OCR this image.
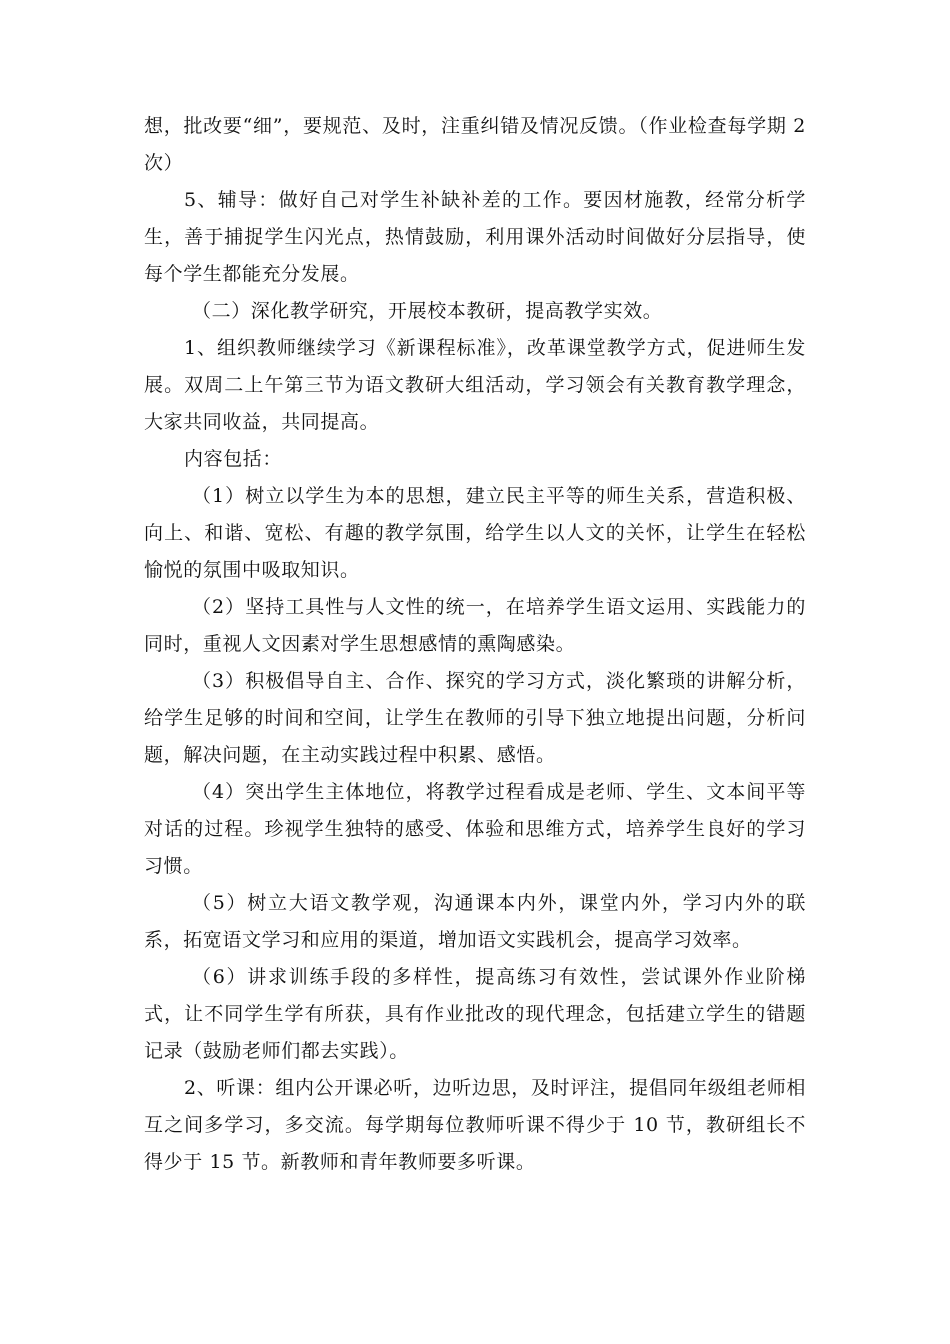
想，批改要“细”，要规范、及时，注重纠错及情况反馈。（作业检查每学期 2 次）

5、辅导：做好自己对学生补缺补差的工作。要因材施教，经常分析学生，善于捕捉学生闪光点，热情鼓励，利用课外活动时间做好分层指导，使每个学生都能充分发展。

（二）深化教学研究，开展校本教研，提高教学实效。

1、组织教师继续学习《新课程标准》，改革课堂教学方式，促进师生发展。双周二上午第三节为语文教研大组活动，学习领会有关教育教学理念，大家共同收益，共同提高。

内容包括：

（1）树立以学生为本的思想，建立民主平等的师生关系，营造积极、向上、和谐、宽松、有趣的教学氛围，给学生以人文的关怀，让学生在轻松愉悦的氛围中吸取知识。

（2）坚持工具性与人文性的统一，在培养学生语文运用、实践能力的同时，重视人文因素对学生思想感情的熏陶感染。

（3）积极倡导自主、合作、探究的学习方式，淡化繁琐的讲解分析，给学生足够的时间和空间，让学生在教师的引导下独立地提出问题，分析问题，解决问题，在主动实践过程中积累、感悟。

（4）突出学生主体地位，将教学过程看成是老师、学生、文本间平等对话的过程。珍视学生独特的感受、体验和思维方式，培养学生良好的学习习惯。

（5）树立大语文教学观，沟通课本内外，课堂内外，学习内外的联系，拓宽语文学习和应用的渠道，增加语文实践机会，提高学习效率。

（6）讲求训练手段的多样性，提高练习有效性，尝试课外作业阶梯式，让不同学生学有所获，具有作业批改的现代理念，包括建立学生的错题记录（鼓励老师们都去实践）。

2、听课：组内公开课必听，边听边思，及时评注，提倡同年级组老师相互之间多学习，多交流。每学期每位教师听课不得少于 10 节，教研组长不得少于 15 节。新教师和青年教师要多听课。
